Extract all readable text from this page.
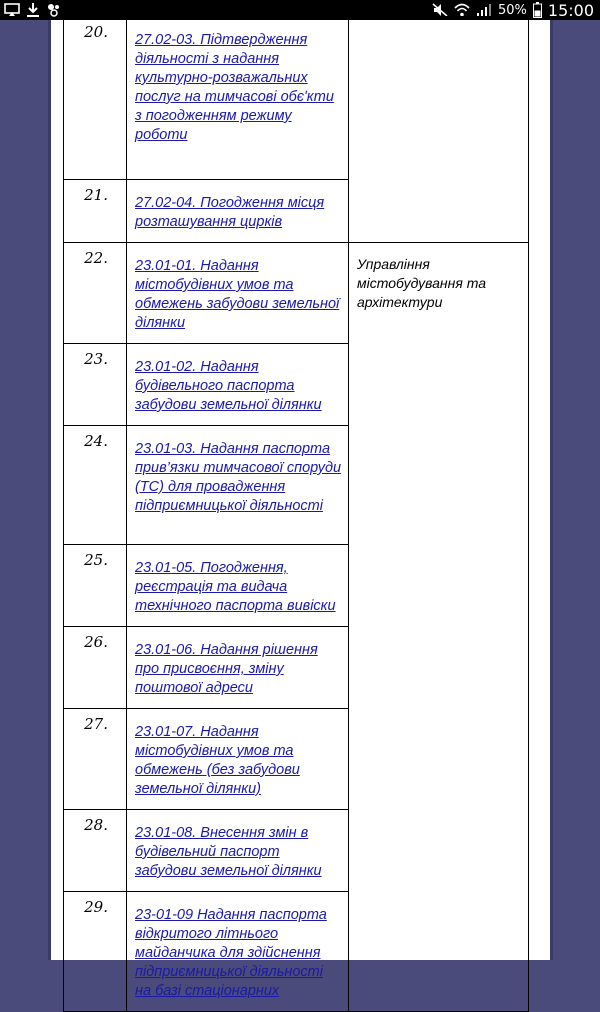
50% 15:00
20.	27.02-03. Підтвердження діяльності з надання культурно-розважальних послуг на тимчасові обєʹкти з погодженням режиму роботи	
21.	27.02-04. Погодження місця розташування цирків	
22.	23.01-01. Надання містобудівних умов та обмежень забудови земельної ділянки	Управління містобудування та архітектури
23.	23.01-02. Надання будівельного паспорта забудови земельної ділянки	
24.	23.01-03. Надання паспорта прив’язки тимчасової споруди (ТС) для провадження підприємницької діяльності	
25.	23.01-05. Погодження, реєстрація та видача технічного паспорта вивіски	
26.	23.01-06. Надання рішення про присвоєння, зміну поштової адреси	
27.	23.01-07. Надання містобудівних умов та обмежень (без забудови земельної ділянки)	
28.	23.01-08. Внесення змін в будівельний паспорт забудови земельної ділянки	
29.	23-01-09 Надання паспорта відкритого літнього майданчика для здійснення підприємницької діяльності на базі стаціонарних	
